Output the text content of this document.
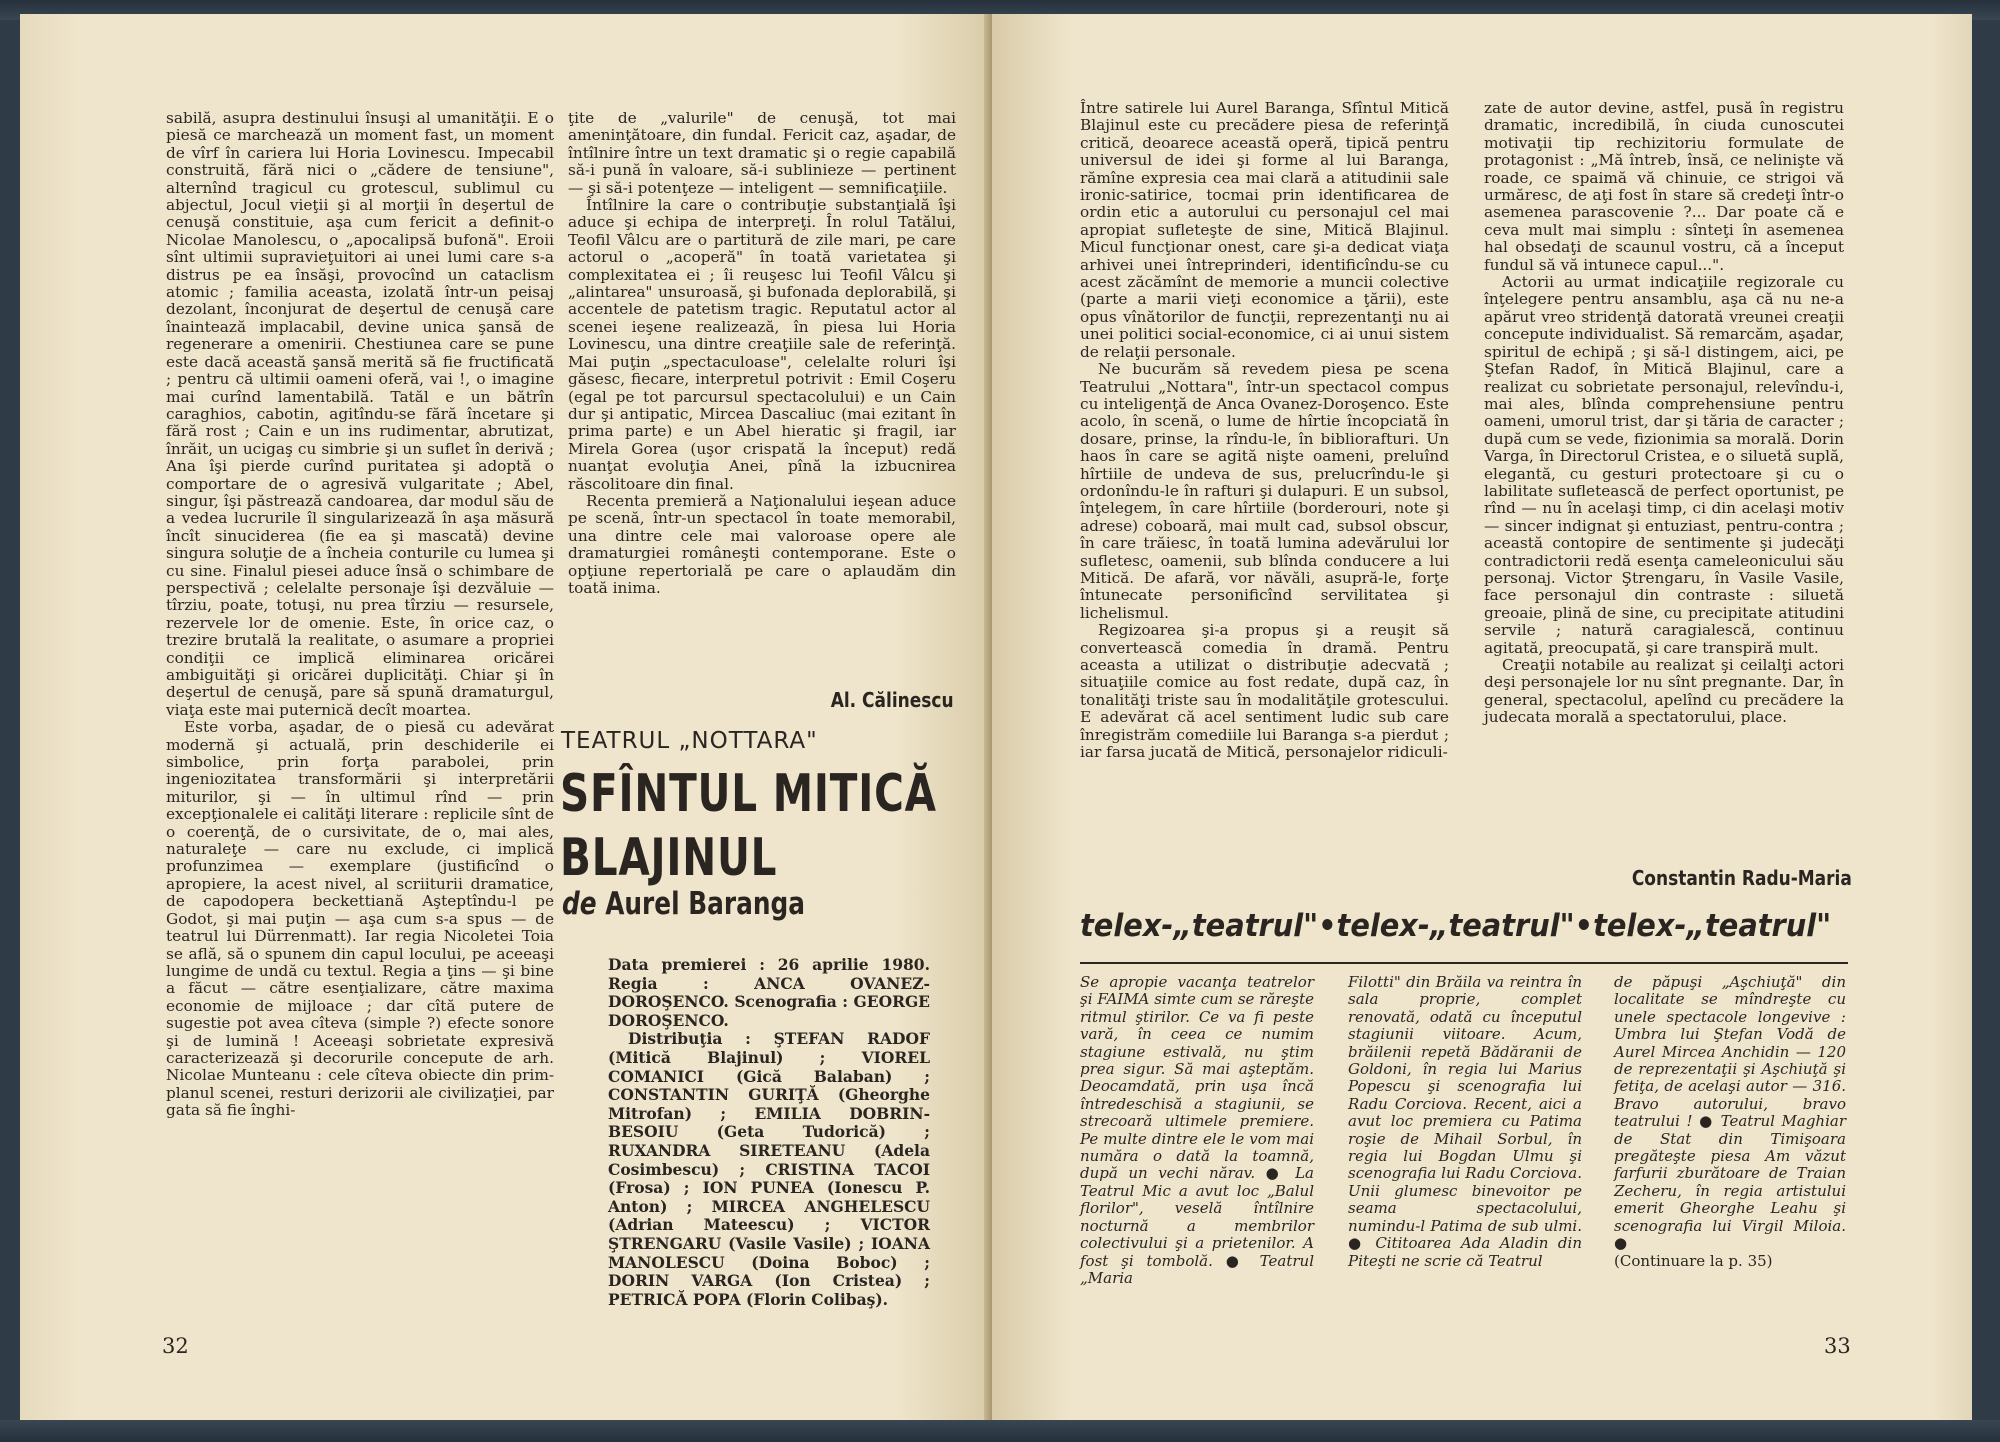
sabilă, asupra destinului însuşi al umanităţii. E o piesă ce marchează un moment fast, un moment de vîrf în cariera lui Horia Lovinescu. Impecabil construită, fără nici o „cădere de tensiune", alternînd tragicul cu grotescul, sublimul cu abjectul, Jocul vieţii şi al morţii în deşertul de cenuşă constituie, aşa cum fericit a definit-o Nicolae Manolescu, o „apocalipsă bufonă". Eroii sînt ultimii supravieţuitori ai unei lumi care s-a distrus pe ea însăşi, provocînd un cataclism atomic ; familia aceasta, izolată într-un peisaj dezolant, înconjurat de deşertul de cenuşă care înaintează implacabil, devine unica şansă de regenerare a omenirii. Chestiunea care se pune este dacă această şansă merită să fie fructificată ; pentru că ultimii oameni oferă, vai !, o imagine mai curînd lamentabilă. Tatăl e un bătrîn caraghios, cabotin, agitîndu-se fără încetare şi fără rost ; Cain e un ins rudimentar, abrutizat, înrăit, un ucigaş cu simbrie şi un suflet în derivă ; Ana îşi pierde curînd puritatea şi adoptă o comportare de o agresivă vulgaritate ; Abel, singur, îşi păstrează candoarea, dar modul său de a vedea lucrurile îl singularizează în aşa măsură încît sinuciderea (fie ea şi mascată) devine singura soluţie de a încheia conturile cu lumea şi cu sine. Finalul piesei aduce însă o schimbare de perspectivă ; celelalte personaje îşi dezvăluie — tîrziu, poate, totuşi, nu prea tîrziu — resursele, rezervele lor de omenie. Este, în orice caz, o trezire brutală la realitate, o asumare a propriei condiţii ce implică eliminarea oricărei ambiguităţi şi oricărei duplicităţi. Chiar şi în deşertul de cenuşă, pare să spună dramaturgul, viaţa este mai puternică decît moartea.

Este vorba, aşadar, de o piesă cu adevărat modernă şi actuală, prin deschiderile ei simbolice, prin forţa parabolei, prin ingeniozitatea transformării şi interpretării miturilor, şi — în ultimul rînd — prin excepţionalele ei calităţi literare : replicile sînt de o coerenţă, de o cursivitate, de o, mai ales, naturaleţe — care nu exclude, ci implică profunzimea — exemplare (justificînd o apropiere, la acest nivel, al scriiturii dramatice, de capodopera beckettiană Aşteptîndu-l pe Godot, şi mai puţin — aşa cum s-a spus — de teatrul lui Dürrenmatt). Iar regia Nicoletei Toia se află, să o spunem din capul locului, pe aceeaşi lungime de undă cu textul. Regia a ţins — şi bine a făcut — către esenţializare, către maxima economie de mijloace ; dar cîtă putere de sugestie pot avea cîteva (simple ?) efecte sonore şi de lumină ! Aceeaşi sobrietate expresivă caracterizează şi decorurile concepute de arh. Nicolae Munteanu : cele cîteva obiecte din prim-planul scenei, resturi derizorii ale civilizaţiei, par gata să fie înghi-

ţite de „valurile" de cenuşă, tot mai ameninţătoare, din fundal. Fericit caz, aşadar, de întîlnire între un text dramatic şi o regie capabilă să-i pună în valoare, să-i sublinieze — pertinent — şi să-i potenţeze — inteligent — semnificaţiile.

Întîlnire la care o contribuţie substanţială îşi aduce şi echipa de interpreţi. În rolul Tatălui, Teofil Vâlcu are o partitură de zile mari, pe care actorul o „acoperă" în toată varietatea şi complexitatea ei ; îi reuşesc lui Teofil Vâlcu şi „alintarea" unsuroasă, şi bufonada deplorabilă, şi accentele de patetism tragic. Reputatul actor al scenei ieşene realizează, în piesa lui Horia Lovinescu, una dintre creaţiile sale de referinţă. Mai puţin „spectaculoase", celelalte roluri îşi găsesc, fiecare, interpretul potrivit : Emil Coşeru (egal pe tot parcursul spectacolului) e un Cain dur şi antipatic, Mircea Dascaliuc (mai ezitant în prima parte) e un Abel hieratic şi fragil, iar Mirela Gorea (uşor crispată la început) redă nuanţat evoluţia Anei, pînă la izbucnirea răscolitoare din final.

Recenta premieră a Naţionalului ieşean aduce pe scenă, într-un spectacol în toate memorabil, una dintre cele mai valoroase opere ale dramaturgiei româneşti contemporane. Este o opţiune repertorială pe care o aplaudăm din toată inima.

Al. Călinescu
TEATRUL „NOTTARA"
SFÎNTUL MITICĂ
BLAJINUL
de Aurel Baranga

Data premierei : 26 aprilie 1980. Regia : ANCA OVANEZ-DOROŞENCO. Scenografia : GEORGE DOROŞENCO.

Distribuţia : ŞTEFAN RADOF (Mitică Blajinul) ; VIOREL COMANICI (Gică Balaban) ; CONSTANTIN GURIŢĂ (Gheorghe Mitrofan) ; EMILIA DOBRIN-BESOIU (Geta Tudorică) ; RUXANDRA SIRETEANU (Adela Cosimbescu) ; CRISTINA TACOI (Frosa) ; ION PUNEA (Ionescu P. Anton) ; MIRCEA ANGHELESCU (Adrian Mateescu) ; VICTOR ŞTRENGARU (Vasile Vasile) ; IOANA MANOLESCU (Doina Boboc) ; DORIN VARGA (Ion Cristea) ; PETRICĂ POPA (Florin Colibaş).

32

Între satirele lui Aurel Baranga, Sfîntul Mitică Blajinul este cu precădere piesa de referinţă critică, deoarece această operă, tipică pentru universul de idei şi forme al lui Baranga, rămîne expresia cea mai clară a atitudinii sale ironic-satirice, tocmai prin identificarea de ordin etic a autorului cu personajul cel mai apropiat sufleteşte de sine, Mitică Blajinul. Micul funcţionar onest, care şi-a dedicat viaţa arhivei unei întreprinderi, identificîndu-se cu acest zăcămînt de memorie a muncii colective (parte a marii vieţi economice a ţării), este opus vînătorilor de funcţii, reprezentanţi nu ai unei politici social-economice, ci ai unui sistem de relaţii personale.

Ne bucurăm să revedem piesa pe scena Teatrului „Nottara", într-un spectacol compus cu inteligenţă de Anca Ovanez-Doroşenco. Este acolo, în scenă, o lume de hîrtie încopciată în dosare, prinse, la rîndu-le, în bibliorafturi. Un haos în care se agită nişte oameni, preluînd hîrtiile de undeva de sus, prelucrîndu-le şi ordonîndu-le în rafturi şi dulapuri. E un subsol, înţelegem, în care hîrtiile (borderouri, note şi adrese) coboară, mai mult cad, subsol obscur, în care trăiesc, în toată lumina adevărului lor sufletesc, oamenii, sub blînda conducere a lui Mitică. De afară, vor năvăli, asupră-le, forţe întunecate personificînd servilitatea şi lichelismul.

Regizoarea şi-a propus şi a reuşit să convertească comedia în dramă. Pentru aceasta a utilizat o distribuţie adecvată ; situaţiile comice au fost redate, după caz, în tonalităţi triste sau în modalităţile grotescului. E adevărat că acel sentiment ludic sub care înregistrăm comediile lui Baranga s-a pierdut ; iar farsa jucată de Mitică, personajelor ridiculi-

zate de autor devine, astfel, pusă în registru dramatic, incredibilă, în ciuda cunoscutei motivaţii tip rechizitoriu formulate de protagonist : „Mă întreb, însă, ce nelinişte vă roade, ce spaimă vă chinuie, ce strigoi vă urmăresc, de aţi fost în stare să credeţi într-o asemenea parascovenie ?... Dar poate că e ceva mult mai simplu : sînteţi în asemenea hal obsedaţi de scaunul vostru, că a început fundul să vă intunece capul...".

Actorii au urmat indicaţiile regizorale cu înţelegere pentru ansamblu, aşa că nu ne-a apărut vreo stridenţă datorată vreunei creaţii concepute individualist. Să remarcăm, aşadar, spiritul de echipă ; şi să-l distingem, aici, pe Ştefan Radof, în Mitică Blajinul, care a realizat cu sobrietate personajul, relevîndu-i, mai ales, blînda comprehensiune pentru oameni, umorul trist, dar şi tăria de caracter ; după cum se vede, fizionimia sa morală. Dorin Varga, în Directorul Cristea, e o siluetă suplă, elegantă, cu gesturi protectoare şi cu o labilitate sufletească de perfect oportunist, pe rînd — nu în acelaşi timp, ci din acelaşi motiv — sincer indignat şi entuziast, pentru-contra ; această contopire de sentimente şi judecăţi contradictorii redă esenţa cameleonicului său personaj. Victor Ştrengaru, în Vasile Vasile, face personajul din contraste : siluetă greoaie, plină de sine, cu precipitate atitudini servile ; natură caragialescă, continuu agitată, preocupată, şi care transpiră mult.

Creaţii notabile au realizat şi ceilalţi actori deşi personajele lor nu sînt pregnante. Dar, în general, spectacolul, apelînd cu precădere la judecata morală a spectatorului, place.

Constantin Radu-Maria
telex-„teatrul"•telex-„teatrul"•telex-„teatrul"

Se apropie vacanţa teatrelor şi FAIMA simte cum se răreşte ritmul ştirilor. Ce va fi peste vară, în ceea ce numim stagiune estivală, nu ştim prea sigur. Să mai aşteptăm. Deocamdată, prin uşa încă întredeschisă a stagiunii, se strecoară ultimele premiere. Pe multe dintre ele le vom mai număra o dată la toamnă, după un vechi nărav. ● La Teatrul Mic a avut loc „Balul florilor", veselă întîlnire nocturnă a membrilor colectivului şi a prietenilor. A fost şi tombolă. ● Teatrul „Maria

Filotti" din Brăila va reintra în sala proprie, complet renovată, odată cu începutul stagiunii viitoare. Acum, brăilenii repetă Bădăranii de Goldoni, în regia lui Marius Popescu şi scenografia lui Radu Corciova. Recent, aici a avut loc premiera cu Patima roşie de Mihail Sorbul, în regia lui Bogdan Ulmu şi scenografia lui Radu Corciova. Unii glumesc binevoitor pe seama spectacolului, numindu-l Patima de sub ulmi. ● Cititoarea Ada Aladin din Piteşti ne scrie că Teatrul

de păpuşi „Aşchiuţă" din localitate se mîndreşte cu unele spectacole longevive : Umbra lui Ştefan Vodă de Aurel Mircea Anchidin — 120 de reprezentaţii şi Aşchiuţă şi fetiţa, de acelaşi autor — 316. Bravo autorului, bravo teatrului ! ● Teatrul Maghiar de Stat din Timişoara pregăteşte piesa Am văzut farfurii zburătoare de Traian Zecheru, în regia artistului emerit Gheorghe Leahu şi scenografia lui Virgil Miloia. ●

(Continuare la p. 35)

33
